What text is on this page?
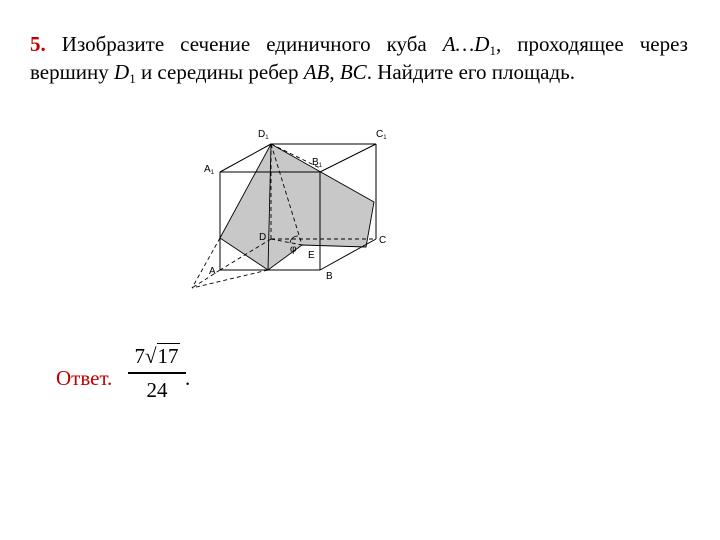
5. Изобразите сечение единичного куба $A\dots D_1$, проходящее через вершину $D_1$ и середины ребер AB, BC. Найдите его площадь.
$D_1$	$C_1$
$A_1$
$B_1$
D	C
A	B
E
φ
Ответ.
7 √ 17
24 .
